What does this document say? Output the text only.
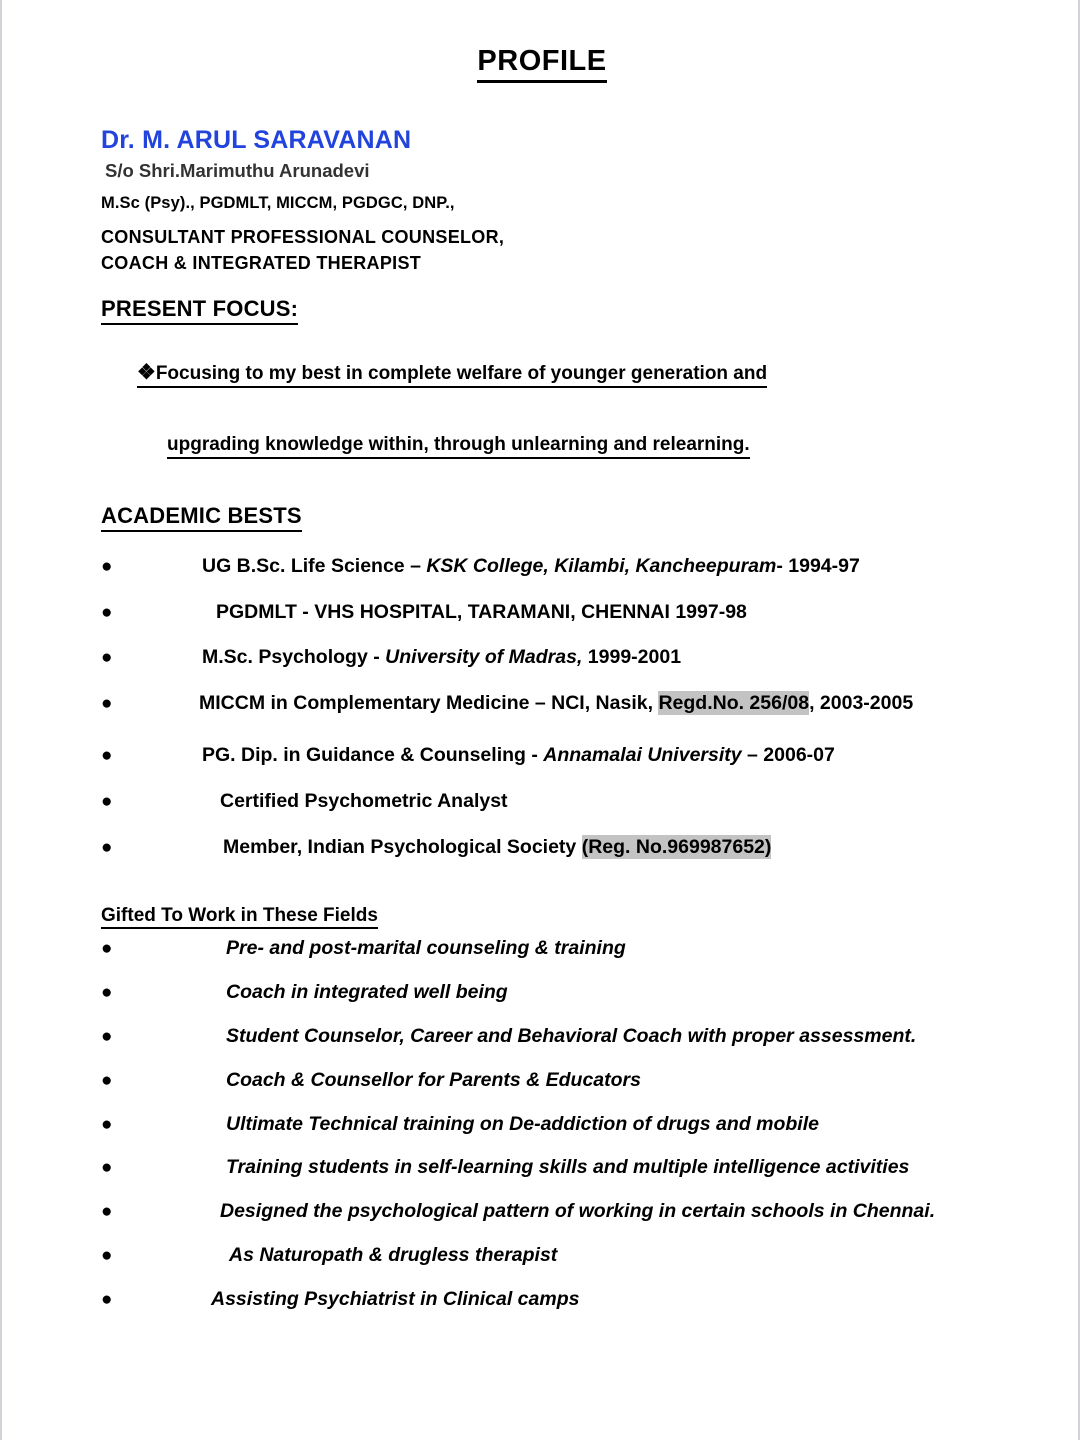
PROFILE
Dr. M. ARUL SARAVANAN
S/o Shri.Marimuthu Arunadevi
M.Sc (Psy)., PGDMLT, MICCM, PGDGC, DNP.,
CONSULTANT PROFESSIONAL COUNSELOR,
COACH & INTEGRATED THERAPIST
PRESENT FOCUS:
❖Focusing to my best in complete welfare of younger generation and
upgrading knowledge within, through unlearning and relearning.
ACADEMIC BESTS
●	UG B.Sc. Life Science – KSK College, Kilambi, Kancheepuram- 1994-97
●	PGDMLT - VHS HOSPITAL, TARAMANI, CHENNAI 1997-98
●	M.Sc. Psychology - University of Madras, 1999-2001
●	MICCM in Complementary Medicine – NCI, Nasik, Regd.No. 256/08, 2003-2005
●	PG. Dip. in Guidance & Counseling - Annamalai University – 2006-07
●	Certified Psychometric Analyst
●	Member, Indian Psychological Society (Reg. No.969987652)
Gifted To Work in These Fields
●	Pre- and post-marital counseling & training
●	Coach in integrated well being
●	Student Counselor, Career and Behavioral Coach with proper assessment.
●	Coach & Counsellor for Parents & Educators
●	Ultimate Technical training on De-addiction of drugs and mobile
●	Training students in self-learning skills and multiple intelligence activities
●	Designed the psychological pattern of working in certain schools in Chennai.
●	As Naturopath & drugless therapist
●	Assisting Psychiatrist in Clinical camps
